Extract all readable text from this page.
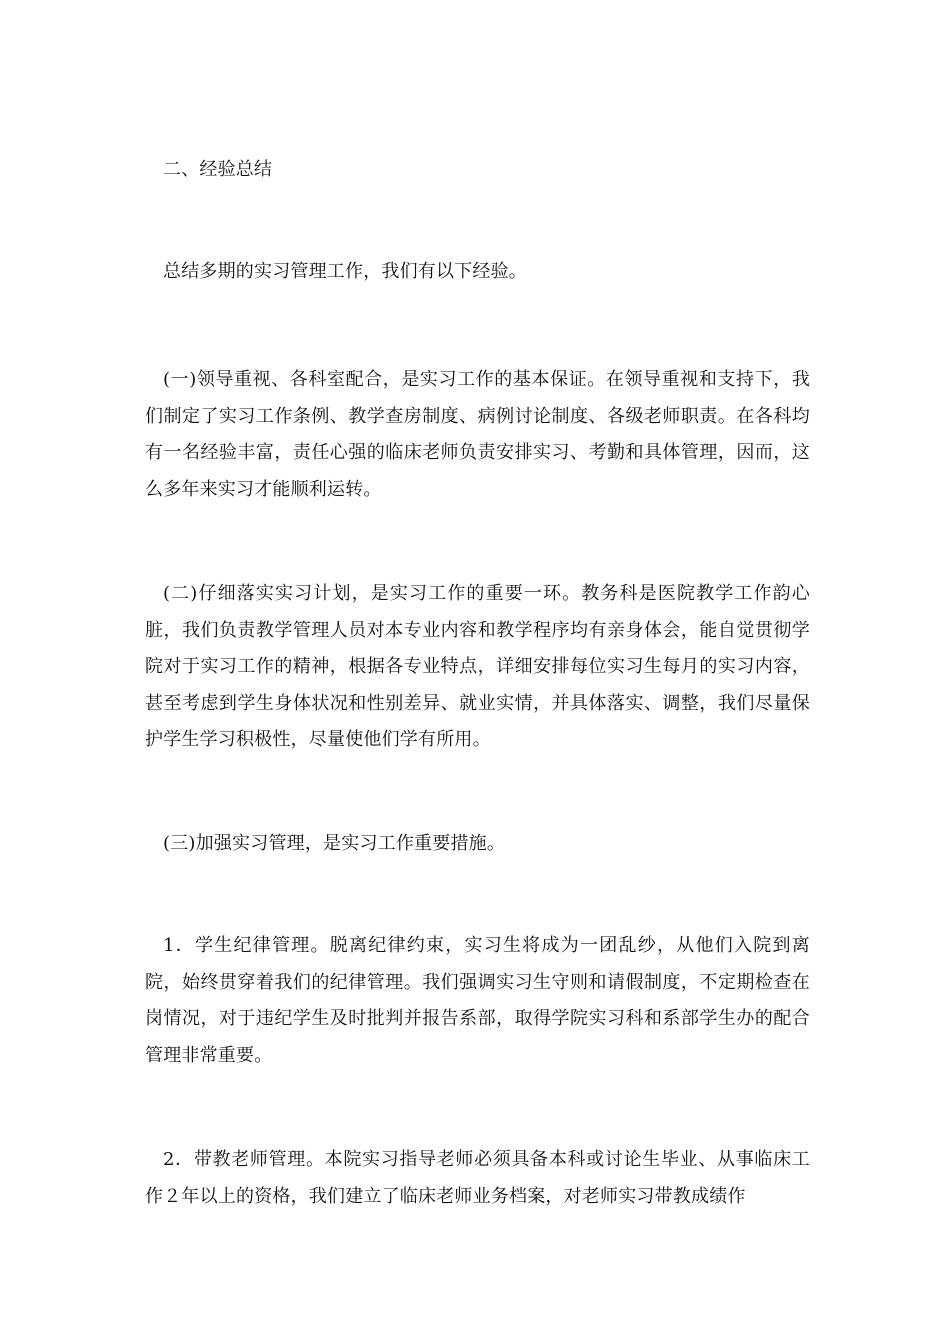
二、经验总结

总结多期的实习管理工作，我们有以下经验。

(一)领导重视、各科室配合，是实习工作的基本保证。在领导重视和支持下，我们制定了实习工作条例、教学查房制度、病例讨论制度、各级老师职责。在各科均有一名经验丰富，责任心强的临床老师负责安排实习、考勤和具体管理，因而，这么多年来实习才能顺利运转。

(二)仔细落实实习计划，是实习工作的重要一环。教务科是医院教学工作韵心脏，我们负责教学管理人员对本专业内容和教学程序均有亲身体会，能自觉贯彻学院对于实习工作的精神，根据各专业特点，详细安排每位实习生每月的实习内容，甚至考虑到学生身体状况和性别差异、就业实情，并具体落实、调整，我们尽量保护学生学习积极性，尽量使他们学有所用。

(三)加强实习管理，是实习工作重要措施。

1．学生纪律管理。脱离纪律约束，实习生将成为一团乱纱，从他们入院到离院，始终贯穿着我们的纪律管理。我们强调实习生守则和请假制度，不定期检查在岗情况，对于违纪学生及时批判并报告系部，取得学院实习科和系部学生办的配合管理非常重要。

2．带教老师管理。本院实习指导老师必须具备本科或讨论生毕业、从事临床工作２年以上的资格，我们建立了临床老师业务档案，对老师实习带教成绩作
